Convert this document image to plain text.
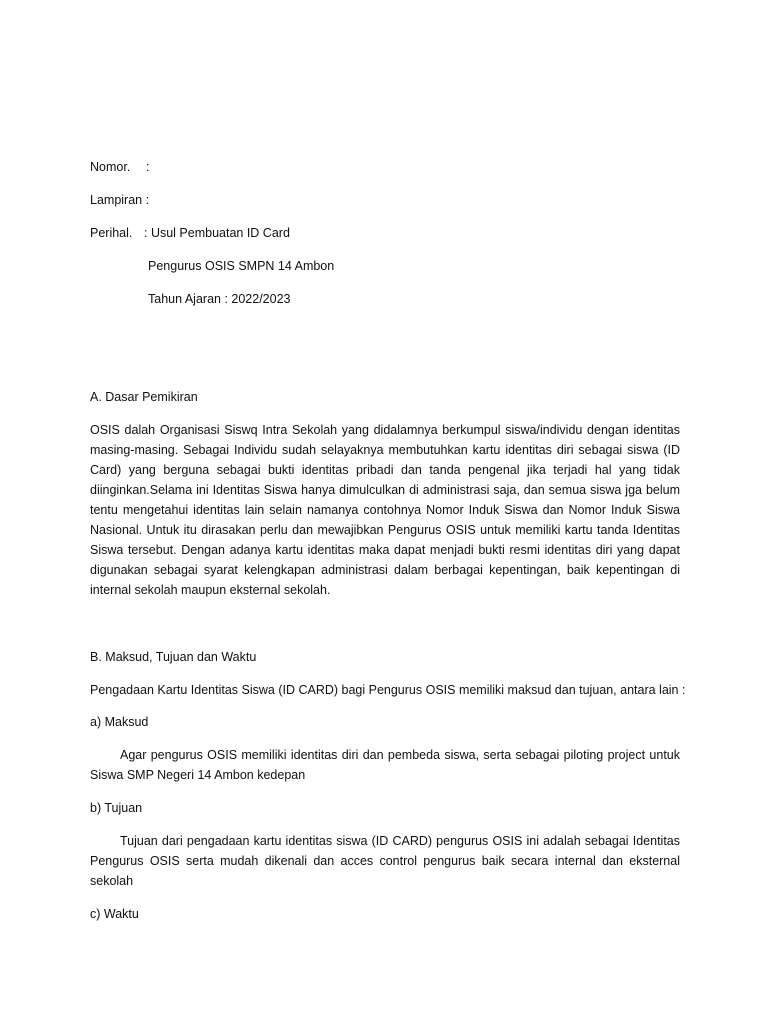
Nomor. :
Lampiran :
Perihal. : Usul Pembuatan ID Card
Pengurus OSIS SMPN 14 Ambon
Tahun Ajaran : 2022/2023
A. Dasar Pemikiran
OSIS dalah Organisasi Siswq Intra Sekolah yang didalamnya berkumpul siswa/individu dengan identitas masing-masing. Sebagai Individu sudah selayaknya membutuhkan kartu identitas diri sebagai siswa (ID Card) yang berguna sebagai bukti identitas pribadi dan tanda pengenal jika terjadi hal yang tidak diinginkan.Selama ini Identitas Siswa hanya dimulculkan di administrasi saja, dan semua siswa jga belum tentu mengetahui identitas lain selain namanya contohnya Nomor Induk Siswa dan Nomor Induk Siswa Nasional. Untuk itu dirasakan perlu dan mewajibkan Pengurus OSIS untuk memiliki kartu tanda Identitas Siswa tersebut. Dengan adanya kartu identitas maka dapat menjadi bukti resmi identitas diri yang dapat digunakan sebagai syarat kelengkapan administrasi dalam berbagai kepentingan, baik kepentingan di internal sekolah maupun eksternal sekolah.
B. Maksud, Tujuan dan Waktu
Pengadaan Kartu Identitas Siswa (ID CARD) bagi Pengurus OSIS memiliki maksud dan tujuan, antara lain :
a) Maksud
Agar pengurus OSIS memiliki identitas diri dan pembeda siswa, serta sebagai piloting project untuk Siswa SMP Negeri 14 Ambon kedepan
b) Tujuan
Tujuan dari pengadaan kartu identitas siswa (ID CARD) pengurus OSIS ini adalah sebagai Identitas Pengurus OSIS serta mudah dikenali dan acces control pengurus baik secara internal dan eksternal sekolah
c) Waktu
